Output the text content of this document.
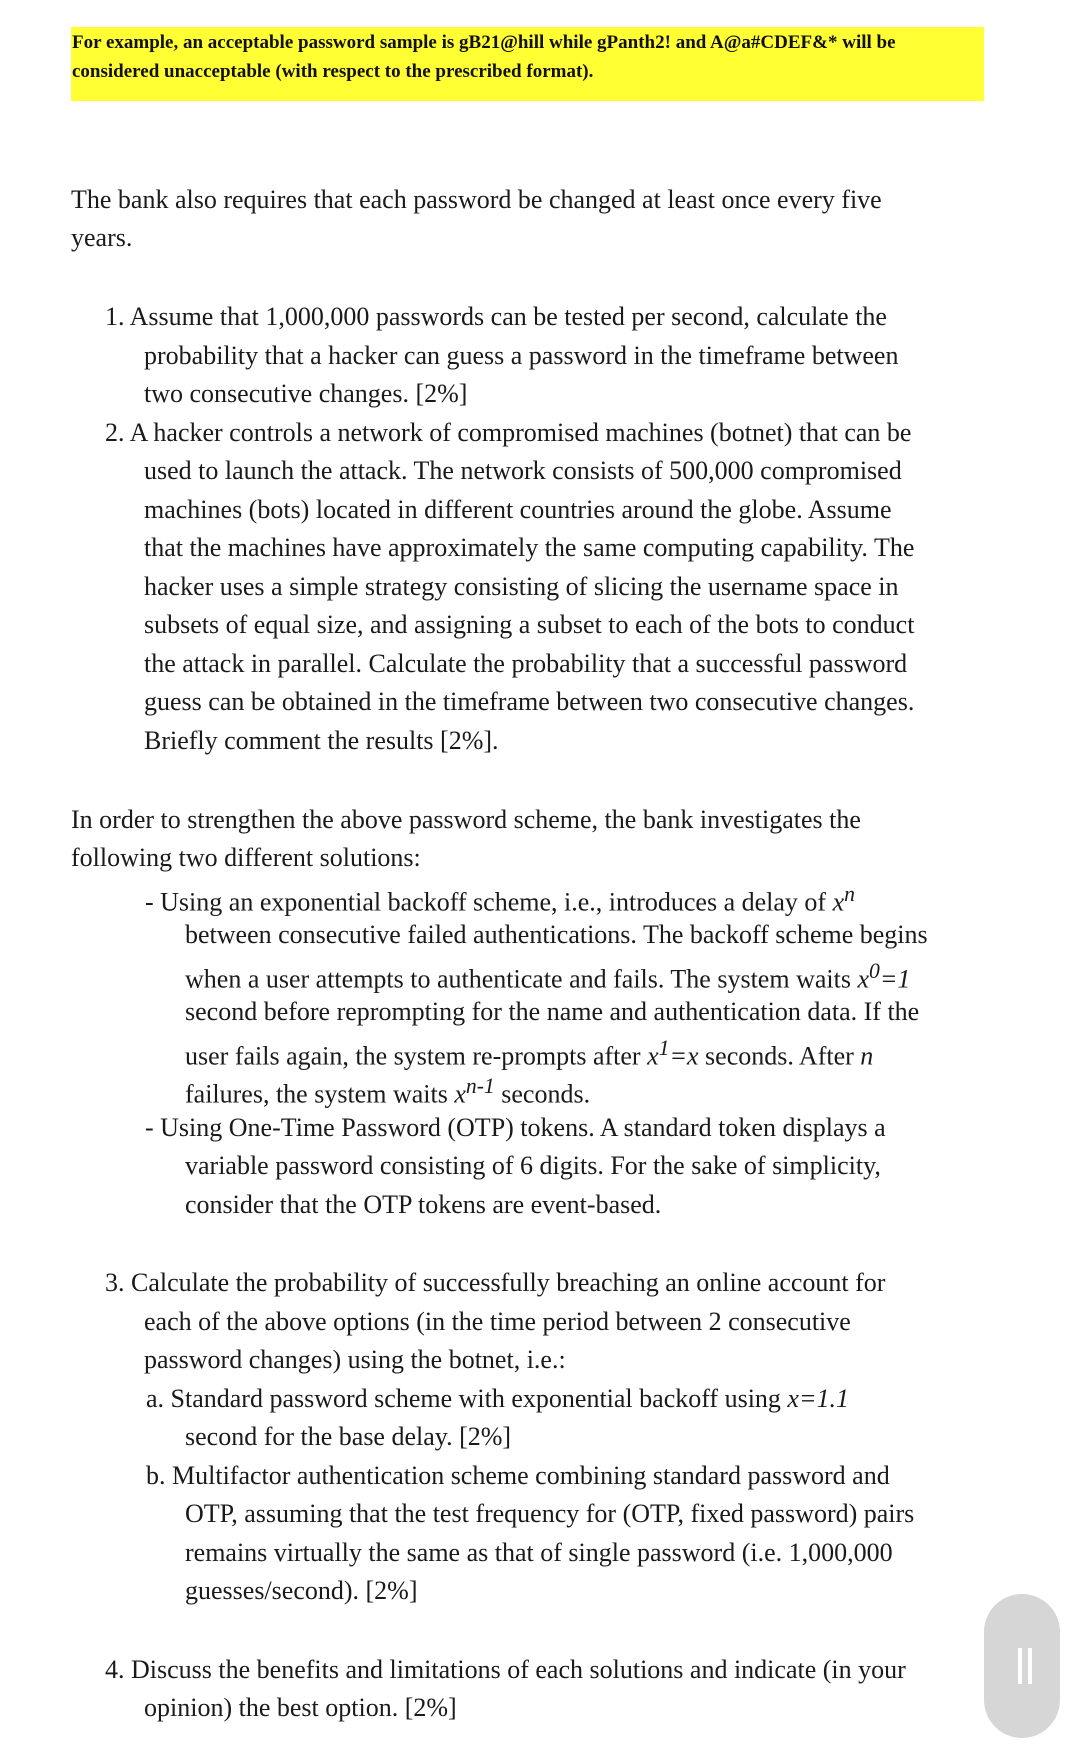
For example, an acceptable password sample is gB21@hill while gPanth2! and A@a#CDEF&* will be
considered unacceptable (with respect to the prescribed format).
The bank also requires that each password be changed at least once every five
years.
1. Assume that 1,000,000 passwords can be tested per second, calculate the
probability that a hacker can guess a password in the timeframe between
two consecutive changes. [2%]
2. A hacker controls a network of compromised machines (botnet) that can be
used to launch the attack. The network consists of 500,000 compromised
machines (bots) located in different countries around the globe. Assume
that the machines have approximately the same computing capability. The
hacker uses a simple strategy consisting of slicing the username space in
subsets of equal size, and assigning a subset to each of the bots to conduct
the attack in parallel. Calculate the probability that a successful password
guess can be obtained in the timeframe between two consecutive changes.
Briefly comment the results [2%].
In order to strengthen the above password scheme, the bank investigates the
following two different solutions:
- Using an exponential backoff scheme, i.e., introduces a delay of $x^n$
between consecutive failed authentications. The backoff scheme begins
when a user attempts to authenticate and fails. The system waits $x^0=1$
second before reprompting for the name and authentication data. If the
user fails again, the system re-prompts after $x^1=x$ seconds. After n
failures, the system waits $x^{n-1}$ seconds.
- Using One-Time Password (OTP) tokens. A standard token displays a
variable password consisting of 6 digits. For the sake of simplicity,
consider that the OTP tokens are event-based.
3. Calculate the probability of successfully breaching an online account for
each of the above options (in the time period between 2 consecutive
password changes) using the botnet, i.e.:
a. Standard password scheme with exponential backoff using x=1.1
second for the base delay. [2%]
b. Multifactor authentication scheme combining standard password and
OTP, assuming that the test frequency for (OTP, fixed password) pairs
remains virtually the same as that of single password (i.e. 1,000,000
guesses/second). [2%]
4. Discuss the benefits and limitations of each solutions and indicate (in your
opinion) the best option. [2%]
